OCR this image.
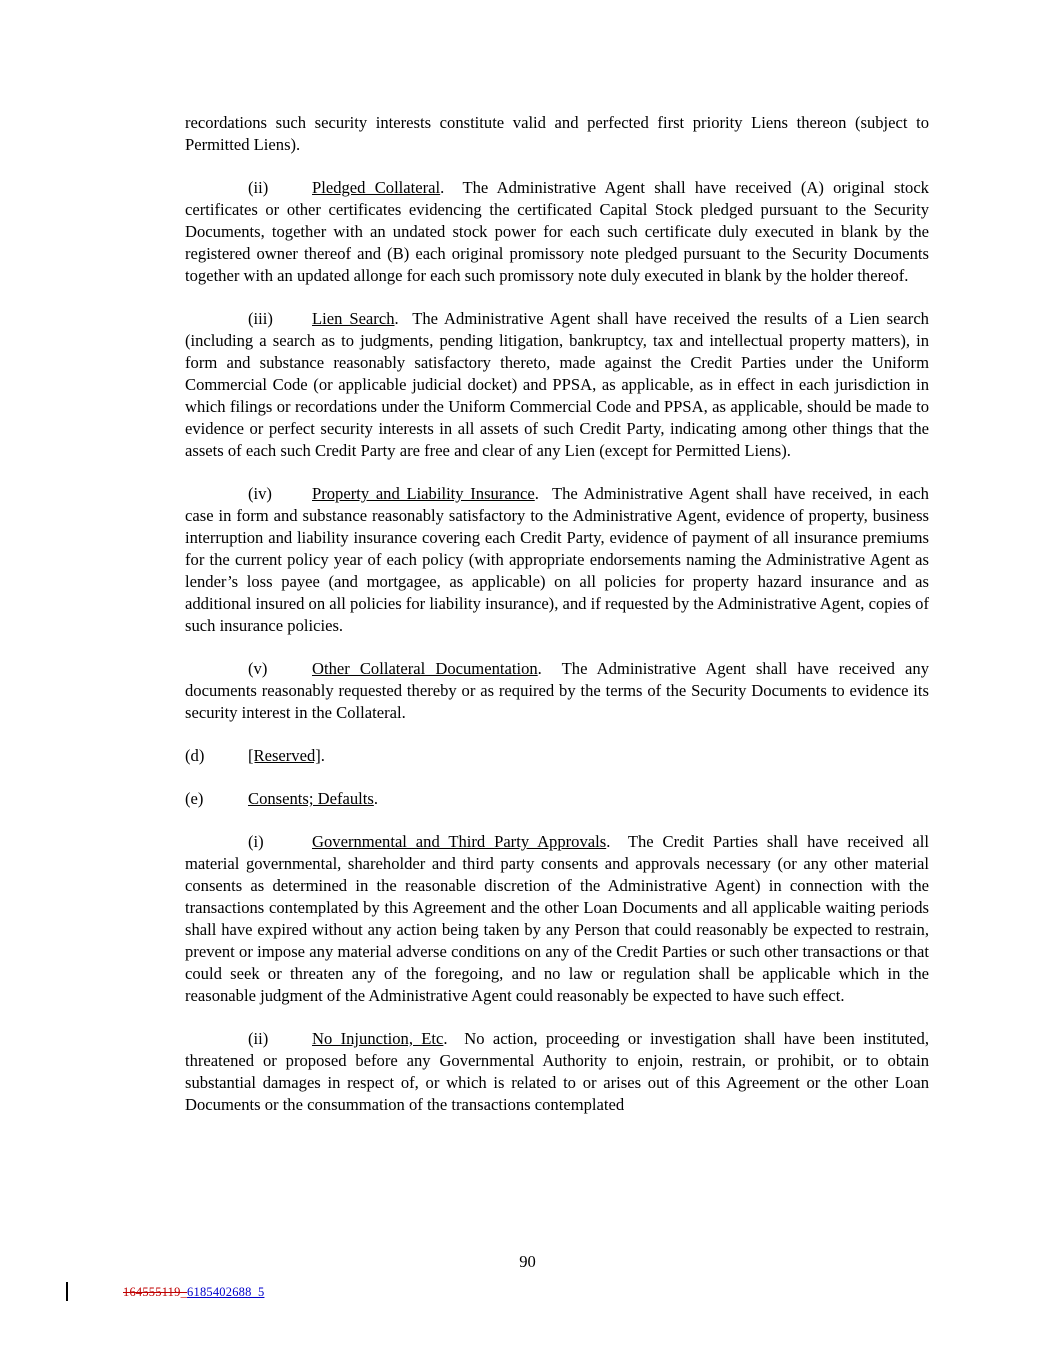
recordations such security interests constitute valid and perfected first priority Liens thereon (subject to Permitted Liens).

(ii)	Pledged Collateral.  The Administrative Agent shall have received (A) original stock certificates or other certificates evidencing the certificated Capital Stock pledged pursuant to the Security Documents, together with an undated stock power for each such certificate duly executed in blank by the registered owner thereof and (B) each original promissory note pledged pursuant to the Security Documents together with an updated allonge for each such promissory note duly executed in blank by the holder thereof.

(iii) Lien Search.  The Administrative Agent shall have received the results of a Lien search (including a search as to judgments, pending litigation, bankruptcy, tax and intellectual property matters), in form and substance reasonably satisfactory thereto, made against the Credit Parties under the Uniform Commercial Code (or applicable judicial docket) and PPSA, as applicable, as in effect in each jurisdiction in which filings or recordations under the Uniform Commercial Code and PPSA, as applicable, should be made to evidence or perfect security interests in all assets of such Credit Party, indicating among other things that the assets of each such Credit Party are free and clear of any Lien (except for Permitted Liens).

(iv) Property and Liability Insurance.  The Administrative Agent shall have received, in each case in form and substance reasonably satisfactory to the Administrative Agent, evidence of property, business interruption and liability insurance covering each Credit Party, evidence of payment of all insurance premiums for the current policy year of each policy (with appropriate endorsements naming the Administrative Agent as lender’s loss payee (and mortgagee, as applicable) on all policies for property hazard insurance and as additional insured on all policies for liability insurance), and if requested by the Administrative Agent, copies of such insurance policies.

(v)	Other Collateral Documentation.  The Administrative Agent shall have received any documents reasonably requested thereby or as required by the terms of the Security Documents to evidence its security interest in the Collateral.

(d)	[Reserved].

(e)	Consents; Defaults.

(i)	Governmental and Third Party Approvals.  The Credit Parties shall have received all material governmental, shareholder and third party consents and approvals necessary (or any other material consents as determined in the reasonable discretion of the Administrative Agent) in connection with the transactions contemplated by this Agreement and the other Loan Documents and all applicable waiting periods shall have expired without any action being taken by any Person that could reasonably be expected to restrain, prevent or impose any material adverse conditions on any of the Credit Parties or such other transactions or that could seek or threaten any of the foregoing, and no law or regulation shall be applicable which in the reasonable judgment of the Administrative Agent could reasonably be expected to have such effect.

(ii)	No Injunction, Etc.  No action, proceeding or investigation shall have been instituted, threatened or proposed before any Governmental Authority to enjoin, restrain, or prohibit, or to obtain substantial damages in respect of, or which is related to or arises out of this Agreement or the other Loan Documents or the consummation of the transactions contemplated

90
164555119_6185402688_5
